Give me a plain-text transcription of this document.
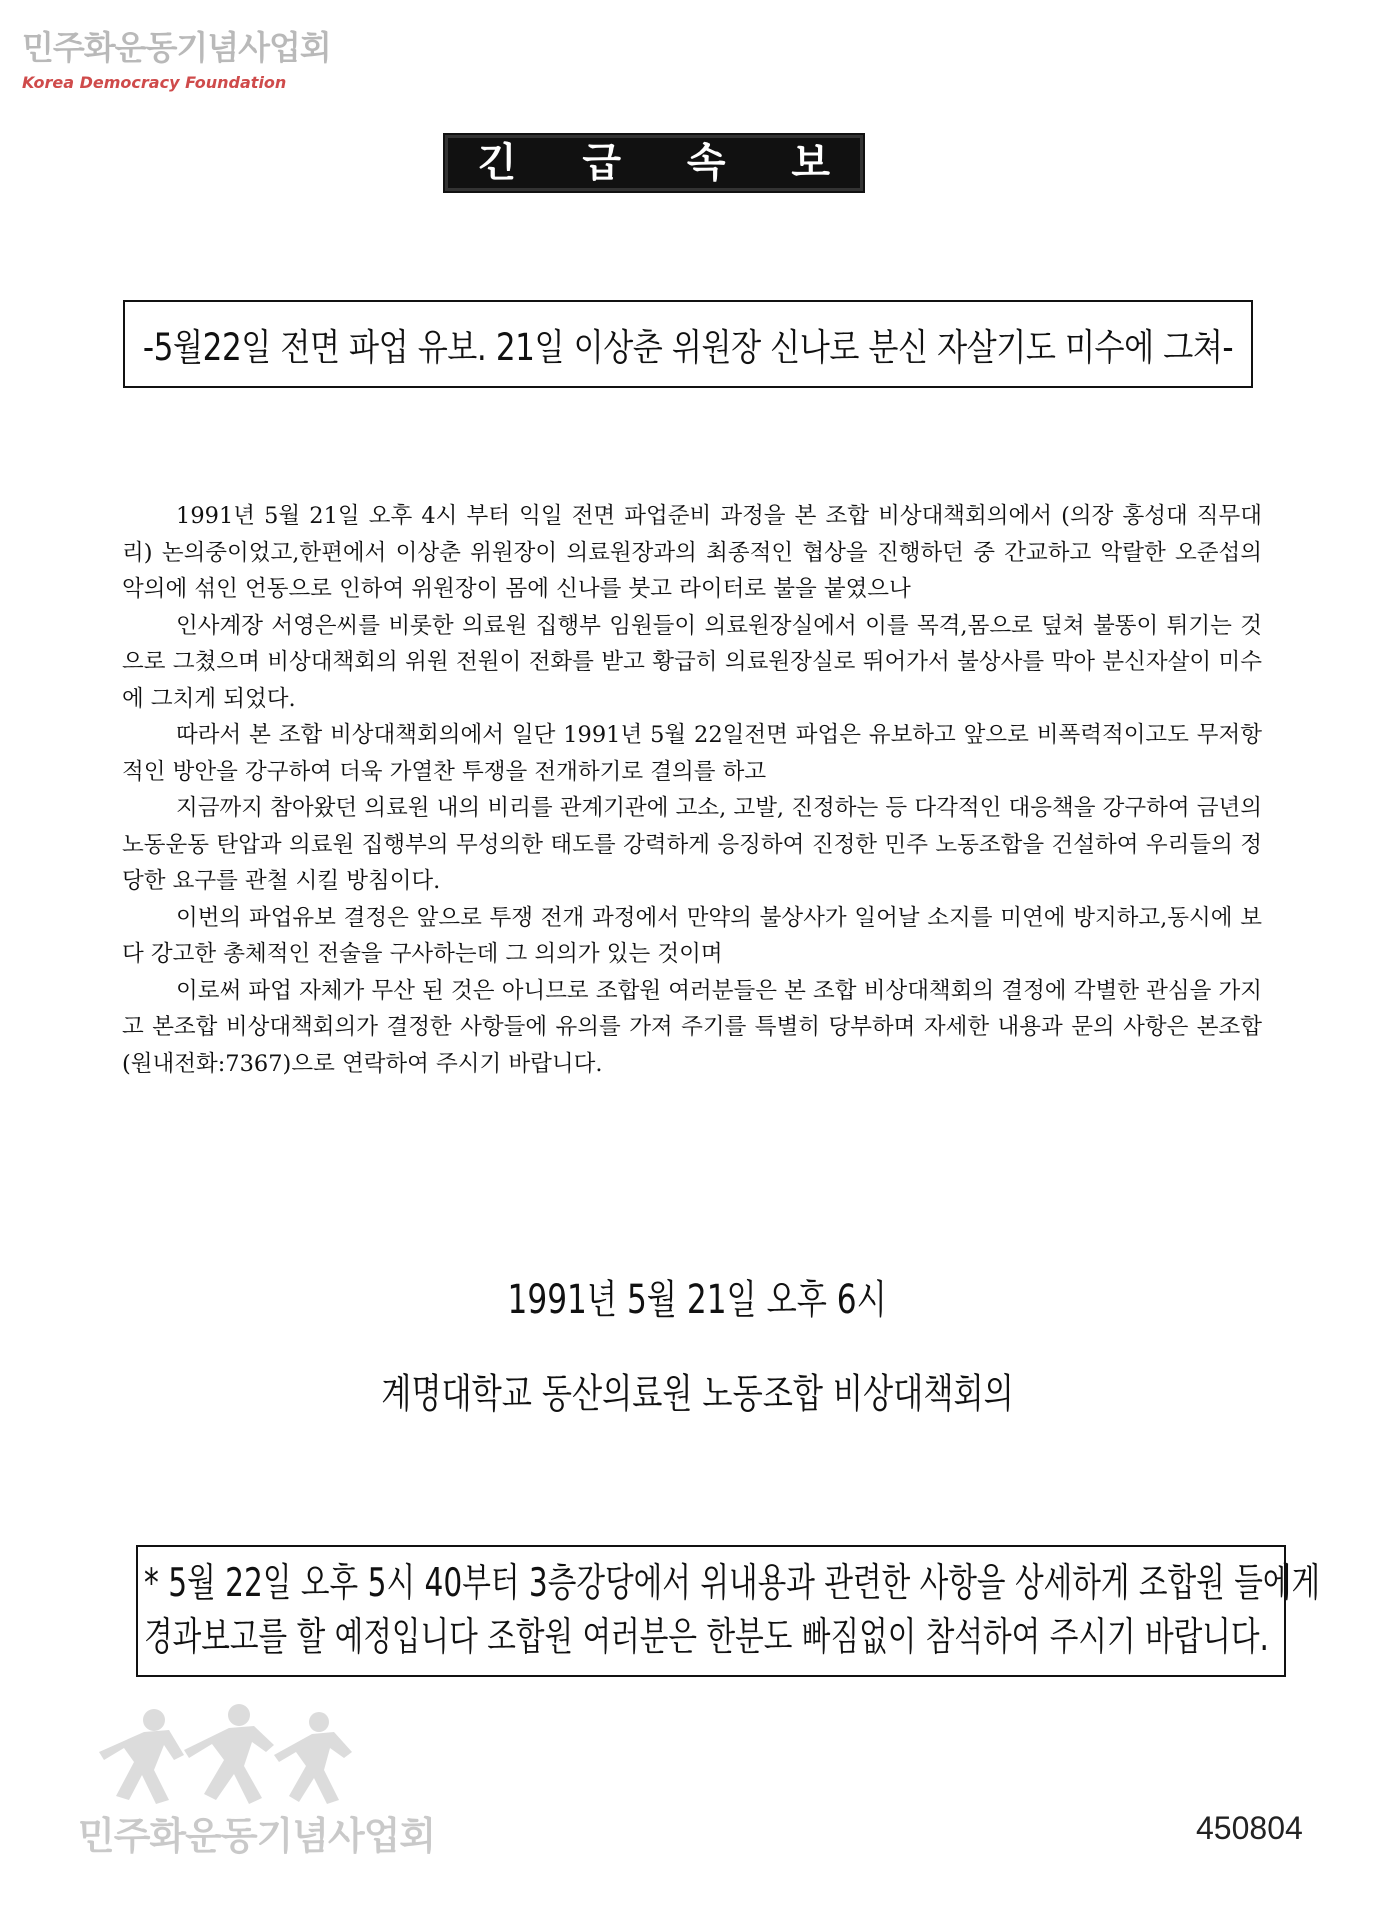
민주화운동기념사업회
Korea Democracy Foundation
긴 급 속 보
-5월22일 전면 파업 유보. 21일 이상춘 위원장 신나로 분신 자살기도 미수에 그쳐-

1991년 5월 21일 오후 4시 부터 익일 전면 파업준비 과정을 본 조합 비상대책회의에서 (의장 홍성대 직무대리) 논의중이었고,한편에서 이상춘 위원장이 의료원장과의 최종적인 협상을 진행하던 중 간교하고 악랄한 오준섭의 악의에 섞인 언동으로 인하여 위원장이 몸에 신나를 붓고 라이터로 불을 붙였으나

인사계장 서영은씨를 비롯한 의료원 집행부 임원들이 의료원장실에서 이를 목격,몸으로 덮쳐 불똥이 튀기는 것으로 그쳤으며 비상대책회의 위원 전원이 전화를 받고 황급히 의료원장실로 뛰어가서 불상사를 막아 분신자살이 미수에 그치게 되었다.

따라서 본 조합 비상대책회의에서 일단 1991년 5월 22일전면 파업은 유보하고 앞으로 비폭력적이고도 무저항적인 방안을 강구하여 더욱 가열찬 투쟁을 전개하기로 결의를 하고

지금까지 참아왔던 의료원 내의 비리를 관계기관에 고소, 고발, 진정하는 등 다각적인 대응책을 강구하여 금년의 노동운동 탄압과 의료원 집행부의 무성의한 태도를 강력하게 응징하여 진정한 민주 노동조합을 건설하여 우리들의 정당한 요구를 관철 시킬 방침이다.

이번의 파업유보 결정은 앞으로 투쟁 전개 과정에서 만약의 불상사가 일어날 소지를 미연에 방지하고,동시에 보다 강고한 총체적인 전술을 구사하는데 그 의의가 있는 것이며

이로써 파업 자체가 무산 된 것은 아니므로 조합원 여러분들은 본 조합 비상대책회의 결정에 각별한 관심을 가지고 본조합 비상대책회의가 결정한 사항들에 유의를 가져 주기를 특별히 당부하며 자세한 내용과 문의 사항은 본조합(원내전화:7367)으로 연락하여 주시기 바랍니다.

1991년 5월 21일 오후 6시
계명대학교 동산의료원 노동조합 비상대책회의
* 5월 22일 오후 5시 40부터 3층강당에서 위내용과 관련한 사항을 상세하게 조합원 들에게
경과보고를 할 예정입니다 조합원 여러분은 한분도 빠짐없이 참석하여 주시기 바랍니다.
민주화운동기념사업회	450804
